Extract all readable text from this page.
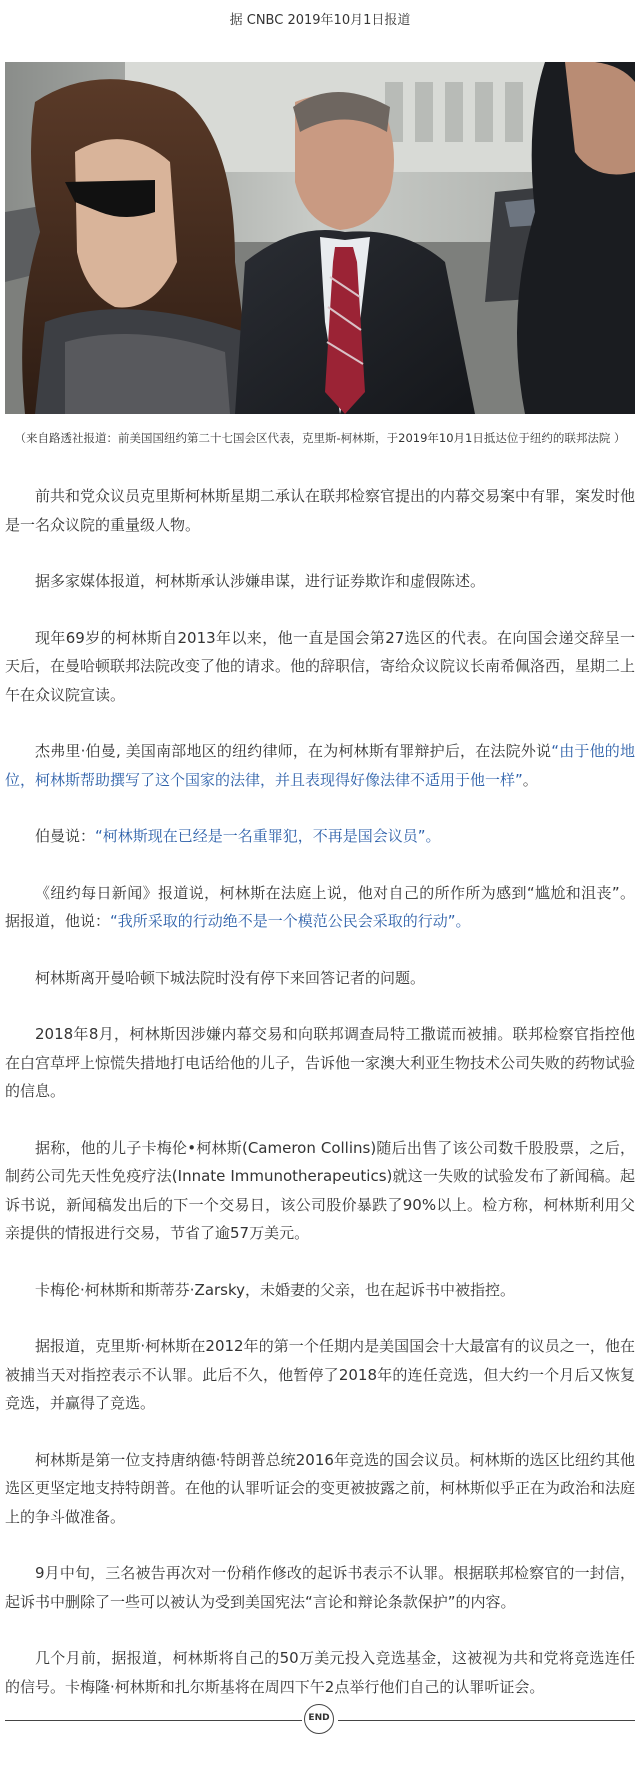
据 CNBC 2019年10月1日报道
（来自路透社报道：前美国国纽约第二十七国会区代表，克里斯-柯林斯，于2019年10月1日抵达位于纽约的联邦法院 ）

前共和党众议员克里斯柯林斯星期二承认在联邦检察官提出的内幕交易案中有罪，案发时他是一名众议院的重量级人物。

据多家媒体报道，柯林斯承认涉嫌串谋，进行证券欺诈和虚假陈述。

现年69岁的柯林斯自2013年以来，他一直是国会第27选区的代表。在向国会递交辞呈一天后，在曼哈顿联邦法院改变了他的请求。他的辞职信，寄给众议院议长南希佩洛西，星期二上午在众议院宣读。

杰弗里·伯曼, 美国南部地区的纽约律师，在为柯林斯有罪辩护后，在法院外说“由于他的地位，柯林斯帮助撰写了这个国家的法律，并且表现得好像法律不适用于他一样”。

伯曼说：“柯林斯现在已经是一名重罪犯，不再是国会议员”。

《纽约每日新闻》报道说，柯林斯在法庭上说，他对自己的所作所为感到“尴尬和沮丧”。据报道，他说：“我所采取的行动绝不是一个模范公民会采取的行动”。

柯林斯离开曼哈顿下城法院时没有停下来回答记者的问题。

2018年8月，柯林斯因涉嫌内幕交易和向联邦调查局特工撒谎而被捕。联邦检察官指控他在白宫草坪上惊慌失措地打电话给他的儿子，告诉他一家澳大利亚生物技术公司失败的药物试验的信息。

据称，他的儿子卡梅伦•柯林斯(Cameron Collins)随后出售了该公司数千股股票，之后，制药公司先天性免疫疗法(Innate Immunotherapeutics)就这一失败的试验发布了新闻稿。起诉书说，新闻稿发出后的下一个交易日，该公司股价暴跌了90%以上。检方称，柯林斯利用父亲提供的情报进行交易，节省了逾57万美元。

卡梅伦·柯林斯和斯蒂芬·Zarsky，未婚妻的父亲，也在起诉书中被指控。

据报道，克里斯·柯林斯在2012年的第一个任期内是美国国会十大最富有的议员之一，他在被捕当天对指控表示不认罪。此后不久，他暂停了2018年的连任竞选，但大约一个月后又恢复竞选，并赢得了竞选。

柯林斯是第一位支持唐纳德·特朗普总统2016年竞选的国会议员。柯林斯的选区比纽约其他选区更坚定地支持特朗普。在他的认罪听证会的变更被披露之前，柯林斯似乎正在为政治和法庭上的争斗做准备。

9月中旬，三名被告再次对一份稍作修改的起诉书表示不认罪。根据联邦检察官的一封信，起诉书中删除了一些可以被认为受到美国宪法“言论和辩论条款保护”的内容。

几个月前，据报道，柯林斯将自己的50万美元投入竞选基金，这被视为共和党将竞选连任的信号。卡梅隆·柯林斯和扎尔斯基将在周四下午2点举行他们自己的认罪听证会。

END
